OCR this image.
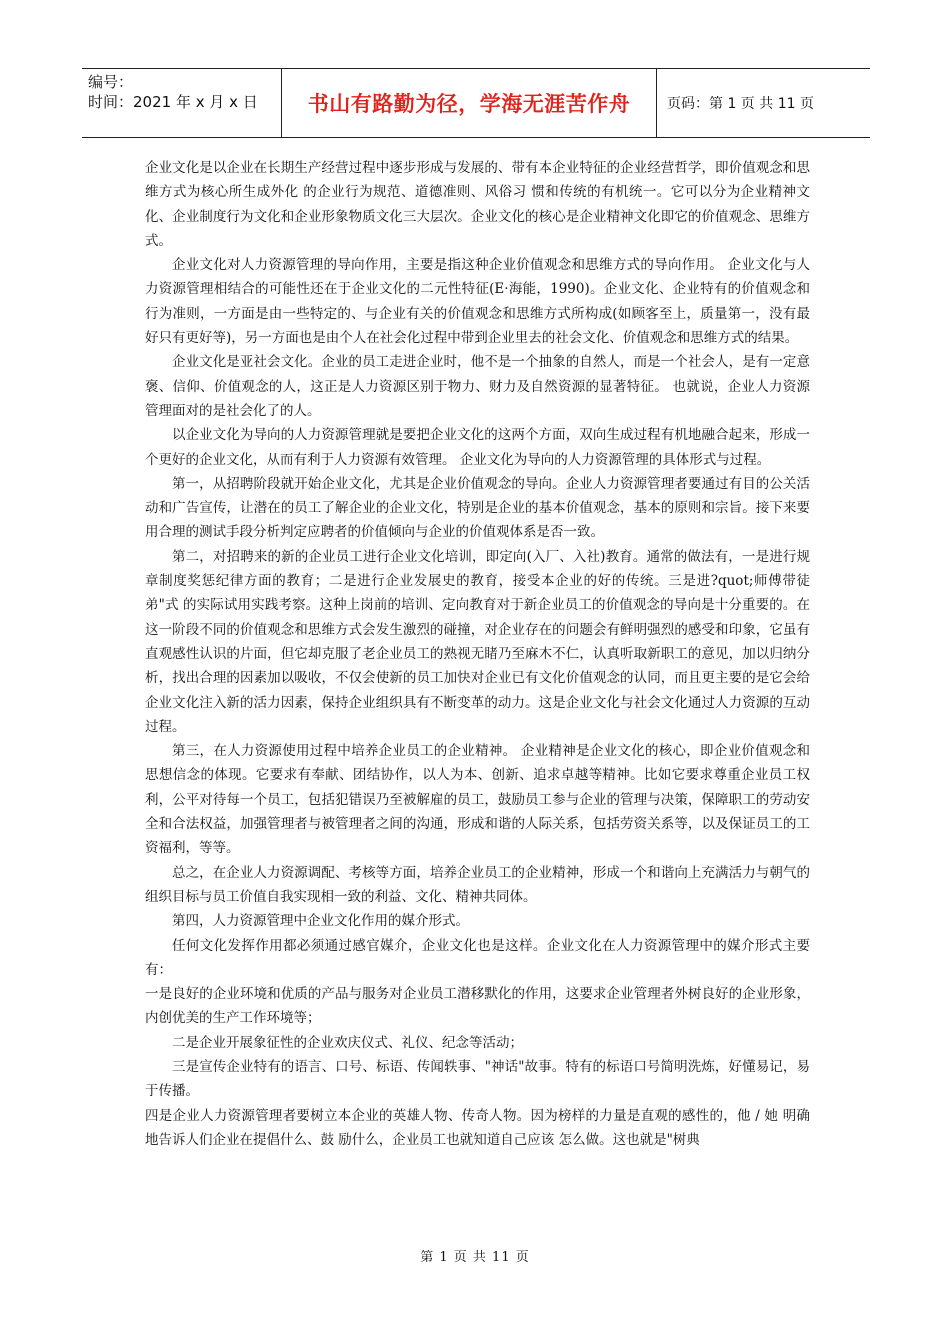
编号：
时间：2021 年 x 月 x 日	书山有路勤为径，学海无涯苦作舟	页码：第 1 页 共 11 页

企业文化是以企业在长期生产经营过程中逐步形成与发展的、带有本企业特征的企业经营哲学，即价值观念和思维方式为核心所生成外化 的企业行为规范、道德准则、风俗习 惯和传统的有机统一。它可以分为企业精神文化、企业制度行为文化和企业形象物质文化三大层次。企业文化的核心是企业精神文化即它的价值观念、思维方式。

企业文化对人力资源管理的导向作用，主要是指这种企业价值观念和思维方式的导向作用。 企业文化与人力资源管理相结合的可能性还在于企业文化的二元性特征(E·海能，1990)。企业文化、企业特有的价值观念和行为准则，一方面是由一些特定的、与企业有关的价值观念和思维方式所构成(如顾客至上，质量第一，没有最好只有更好等)，另一方面也是由个人在社会化过程中带到企业里去的社会文化、价值观念和思维方式的结果。

企业文化是亚社会文化。企业的员工走进企业时，他不是一个抽象的自然人，而是一个社会人，是有一定意褒、信仰、价值观念的人，这正是人力资源区别于物力、财力及自然资源的显著特征。 也就说，企业人力资源管理面对的是社会化了的人。

以企业文化为导向的人力资源管理就是要把企业文化的这两个方面，双向生成过程有机地融合起来，形成一个更好的企业文化，从而有利于人力资源有效管理。 企业文化为导向的人力资源管理的具体形式与过程。

第一，从招聘阶段就开始企业文化，尤其是企业价值观念的导向。企业人力资源管理者要通过有目的公关活动和广告宣传，让潜在的员工了解企业的企业文化，特别是企业的基本价值观念，基本的原则和宗旨。接下来要用合理的测试手段分析判定应聘者的价值倾向与企业的价值观体系是否一致。

第二，对招聘来的新的企业员工进行企业文化培训，即定向(入厂、入社)教育。通常的做法有，一是进行规章制度奖惩纪律方面的教育；二是进行企业发展史的教育，接受本企业的好的传统。三是进?quot;师傅带徒弟"式 的实际试用实践考察。这种上岗前的培训、定向教育对于新企业员工的价值观念的导向是十分重要的。在这一阶段不同的价值观念和思维方式会发生激烈的碰撞，对企业存在的问题会有鲜明强烈的感受和印象，它虽有直观感性认识的片面，但它却克服了老企业员工的熟视无睹乃至麻木不仁，认真听取新职工的意见，加以归纳分析，找出合理的因素加以吸收，不仅会使新的员工加快对企业已有文化价值观念的认同，而且更主要的是它会给企业文化注入新的活力因素，保持企业组织具有不断变革的动力。这是企业文化与社会文化通过人力资源的互动过程。

第三，在人力资源使用过程中培养企业员工的企业精神。 企业精神是企业文化的核心，即企业价值观念和 思想信念的体现。它要求有奉献、团结协作，以人为本、创新、追求卓越等精神。比如它要求尊重企业员工权利，公平对待每一个员工，包括犯错误乃至被解雇的员工，鼓励员工参与企业的管理与决策，保障职工的劳动安全和合法权益，加强管理者与被管理者之间的沟通，形成和谐的人际关系，包括劳资关系等，以及保证员工的工资福利，等等。

总之，在企业人力资源调配、考核等方面，培养企业员工的企业精神，形成一个和谐向上充满活力与朝气的组织目标与员工价值自我实现相一致的利益、文化、精神共同体。

第四，人力资源管理中企业文化作用的媒介形式。

任何文化发挥作用都必须通过感官媒介，企业文化也是这样。企业文化在人力资源管理中的媒介形式主要有：

一是良好的企业环境和优质的产品与服务对企业员工潜移默化的作用，这要求企业管理者外树良好的企业形象，内创优美的生产工作环境等；

二是企业开展象征性的企业欢庆仪式、礼仪、纪念等活动；

三是宣传企业特有的语言、口号、标语、传闻轶事、"神话"故事。特有的标语口号简明洗炼，好懂易记，易于传播。

四是企业人力资源管理者要树立本企业的英雄人物、传奇人物。因为榜样的力量是直观的感性的，他 / 她 明确地告诉人们企业在提倡什么、鼓 励什么，企业员工也就知道自己应该 怎么做。这也就是"树典

第 1 页 共 11 页
